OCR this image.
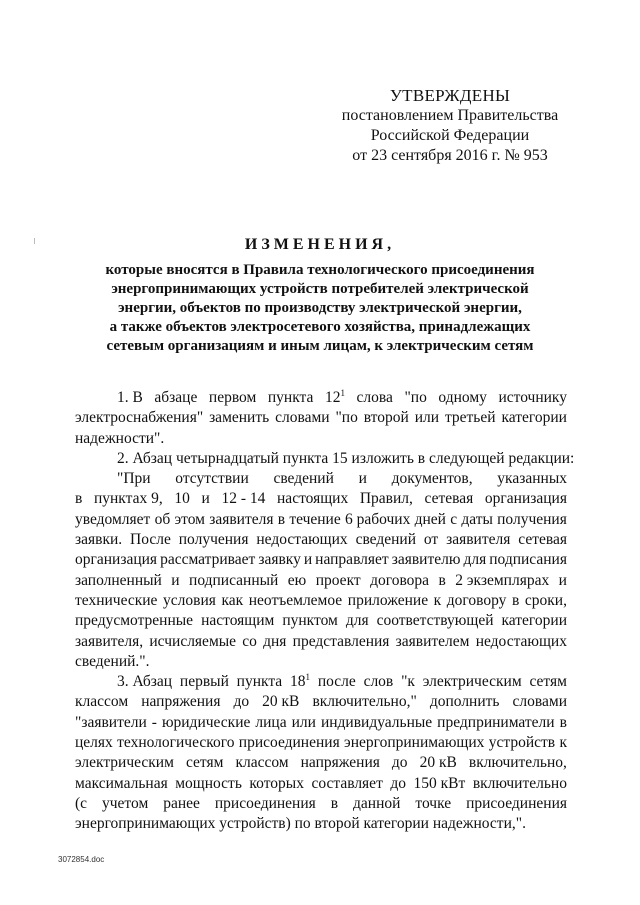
УТВЕРЖДЕНЫ
постановлением Правительства
Российской Федерации
от 23 сентября 2016 г. № 953
ИЗМЕНЕНИЯ,
которые вносятся в Правила технологического присоединения
энергопринимающих устройств потребителей электрической
энергии, объектов по производству электрической энергии,
а также объектов электросетевого хозяйства, принадлежащих
сетевым организациям и иным лицам, к электрическим сетям
1. В абзаце первом пункта $12^1$ слова "по одному источнику
электроснабжения" заменить словами "по второй или третьей категории
надежности".
2. Абзац четырнадцатый пункта 15 изложить в следующей редакции:
"При отсутствии сведений и документов, указанных
в пунктах 9, 10 и 12 - 14 настоящих Правил, сетевая организация
уведомляет об этом заявителя в течение 6 рабочих дней с даты получения
заявки. После получения недостающих сведений от заявителя сетевая
организация рассматривает заявку и направляет заявителю для подписания
заполненный и подписанный ею проект договора в 2 экземплярах и
технические условия как неотъемлемое приложение к договору в сроки,
предусмотренные настоящим пунктом для соответствующей категории
заявителя, исчисляемые со дня представления заявителем недостающих
сведений.".
3. Абзац первый пункта $18^1$ после слов "к электрическим сетям
классом напряжения до 20 кВ включительно," дополнить словами
"заявители - юридические лица или индивидуальные предприниматели в
целях технологического присоединения энергопринимающих устройств к
электрическим сетям классом напряжения до 20 кВ включительно,
максимальная мощность которых составляет до 150 кВт включительно
(с учетом ранее присоединения в данной точке присоединения
энергопринимающих устройств) по второй категории надежности,".
3072854.doc
